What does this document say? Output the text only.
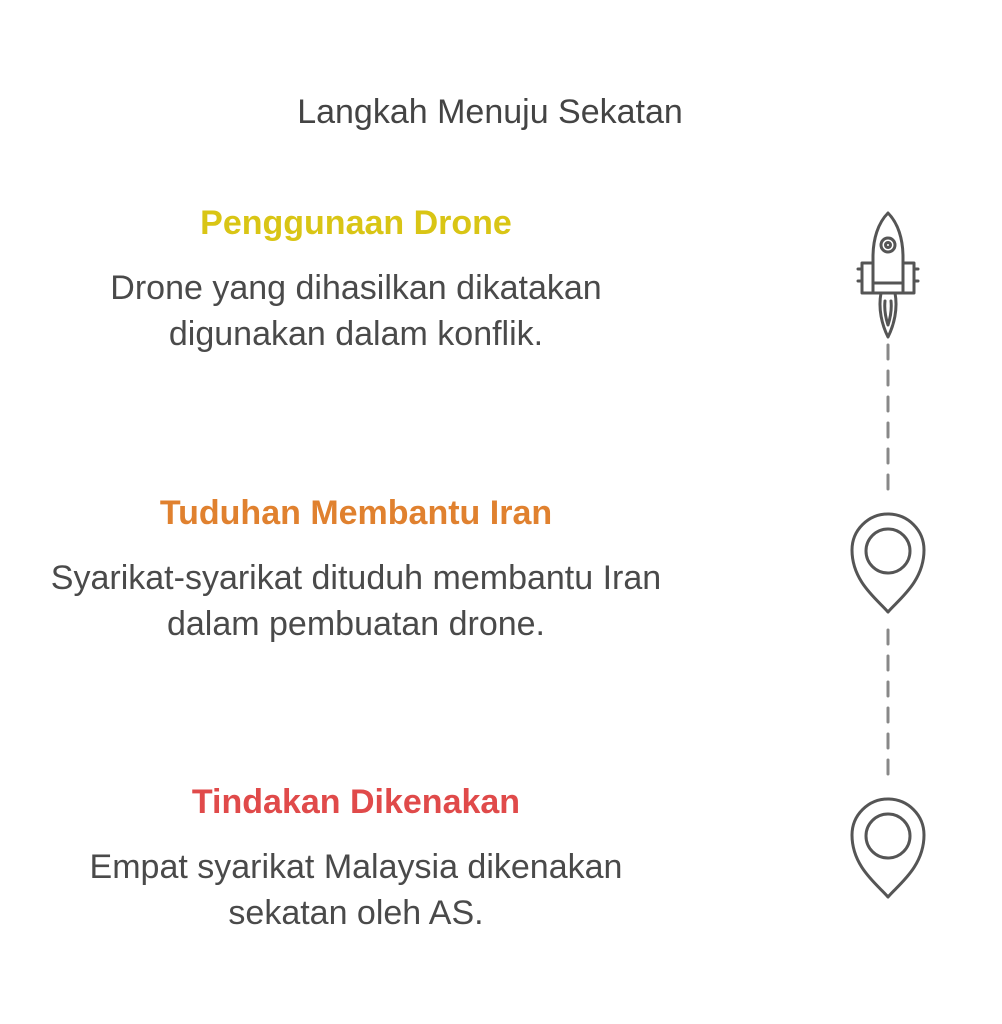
Langkah Menuju Sekatan

Penggunaan Drone

Drone yang dihasilkan dikatakan digunakan dalam konflik.

Tuduhan Membantu Iran

Syarikat-syarikat dituduh membantu Iran dalam pembuatan drone.

Tindakan Dikenakan

Empat syarikat Malaysia dikenakan sekatan oleh AS.
